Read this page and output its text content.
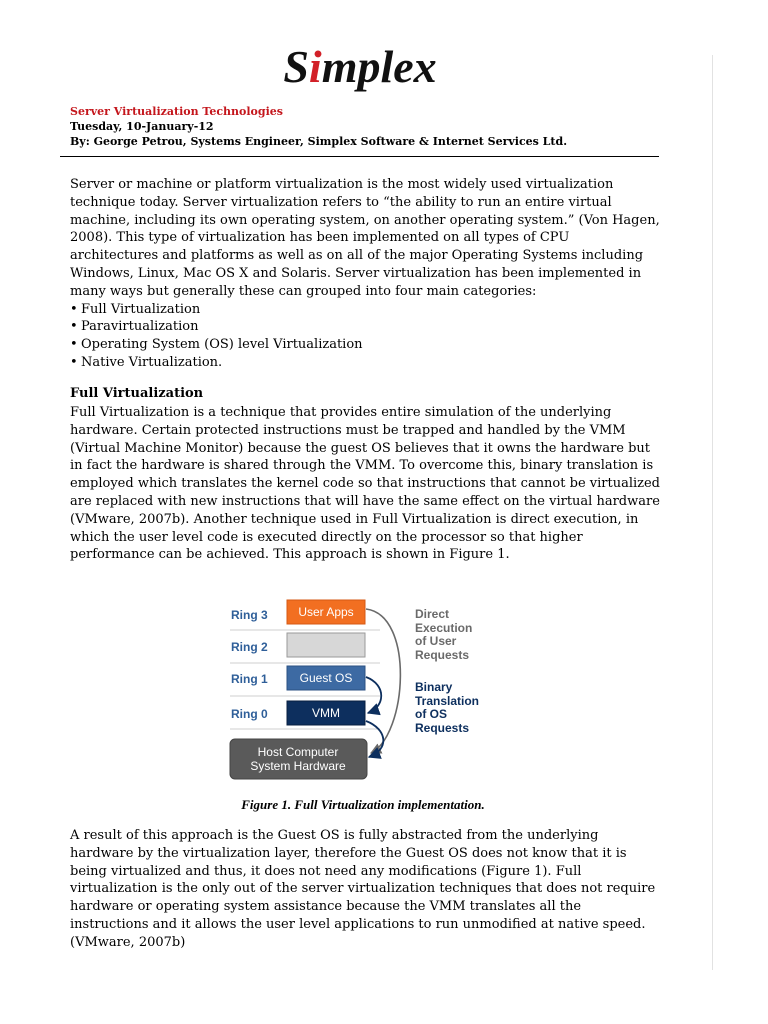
Simplex
Server Virtualization Technologies
Tuesday, 10-January-12
By: George Petrou, Systems Engineer, Simplex Software & Internet Services Ltd.
Server or machine or platform virtualization is the most widely used virtualization technique today. Server virtualization refers to “the ability to run an entire virtual machine, including its own operating system, on another operating system.” (Von Hagen, 2008). This type of virtualization has been implemented on all types of CPU architectures and platforms as well as on all of the major Operating Systems including Windows, Linux, Mac OS X and Solaris. Server virtualization has been implemented in many ways but generally these can grouped into four main categories:
• Full Virtualization
• Paravirtualization
• Operating System (OS) level Virtualization
• Native Virtualization.
Full Virtualization
Full Virtualization is a technique that provides entire simulation of the underlying hardware. Certain protected instructions must be trapped and handled by the VMM (Virtual Machine Monitor) because the guest OS believes that it owns the hardware but in fact the hardware is shared through the VMM. To overcome this, binary translation is employed which translates the kernel code so that instructions that cannot be virtualized are replaced with new instructions that will have the same effect on the virtual hardware (VMware, 2007b). Another technique used in Full Virtualization is direct execution, in which the user level code is executed directly on the processor so that higher performance can be achieved. This approach is shown in Figure 1.
Ring 3
Ring 2
Ring 1
Ring 0
User Apps
Guest OS
VMM
Host Computer
System Hardware
Direct
Execution
of User
Requests
Binary
Translation
of OS
Requests
Figure 1. Full Virtualization implementation.
A result of this approach is the Guest OS is fully abstracted from the underlying hardware by the virtualization layer, therefore the Guest OS does not know that it is being virtualized and thus, it does not need any modifications (Figure 1). Full virtualization is the only out of the server virtualization techniques that does not require hardware or operating system assistance because the VMM translates all the instructions and it allows the user level applications to run unmodified at native speed. (VMware, 2007b)
